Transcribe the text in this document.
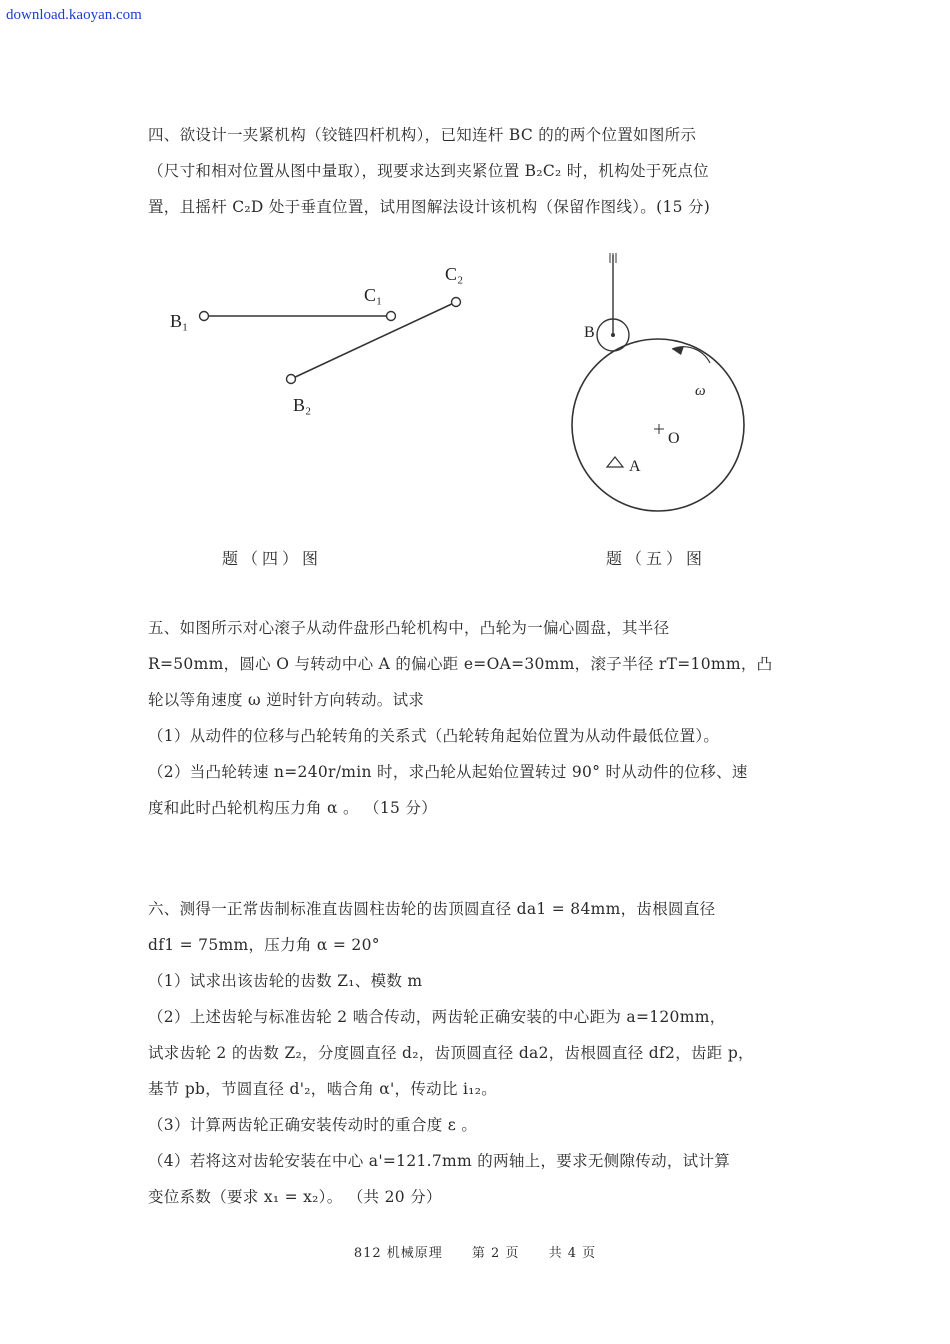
download.kaoyan.com
四、欲设计一夹紧机构（铰链四杆机构），已知连杆 BC 的的两个位置如图所示
（尺寸和相对位置从图中量取），现要求达到夹紧位置 B₂C₂ 时，机构处于死点位
置，且摇杆 C₂D 处于垂直位置，试用图解法设计该机构（保留作图线）。(15 分)
B₁
C₁
C₂
B₂
题（四）图
ω
B
O
A
题（五）图
五、如图所示对心滚子从动件盘形凸轮机构中，凸轮为一偏心圆盘，其半径
R=50mm，圆心 O 与转动中心 A 的偏心距 e=OA=30mm，滚子半径 rT=10mm，凸
轮以等角速度 ω 逆时针方向转动。试求
（1）从动件的位移与凸轮转角的关系式（凸轮转角起始位置为从动件最低位置）。
（2）当凸轮转速 n=240r/min 时，求凸轮从起始位置转过 90° 时从动件的位移、速
度和此时凸轮机构压力角 α 。 （15 分）
六、测得一正常齿制标准直齿圆柱齿轮的齿顶圆直径 da1 = 84mm，齿根圆直径
df1 = 75mm，压力角 α = 20°
（1）试求出该齿轮的齿数 Z₁、模数 m
（2）上述齿轮与标准齿轮 2 啮合传动，两齿轮正确安装的中心距为 a=120mm，
试求齿轮 2 的齿数 Z₂，分度圆直径 d₂，齿顶圆直径 da2，齿根圆直径 df2，齿距 p，
基节 pb，节圆直径 d'₂，啮合角 α'，传动比 i₁₂。
（3）计算两齿轮正确安装传动时的重合度 ε 。
（4）若将这对齿轮安装在中心 a'=121.7mm 的两轴上，要求无侧隙传动，试计算
变位系数（要求 x₁ = x₂）。 （共 20 分）
812 机械原理 第 2 页 共 4 页
